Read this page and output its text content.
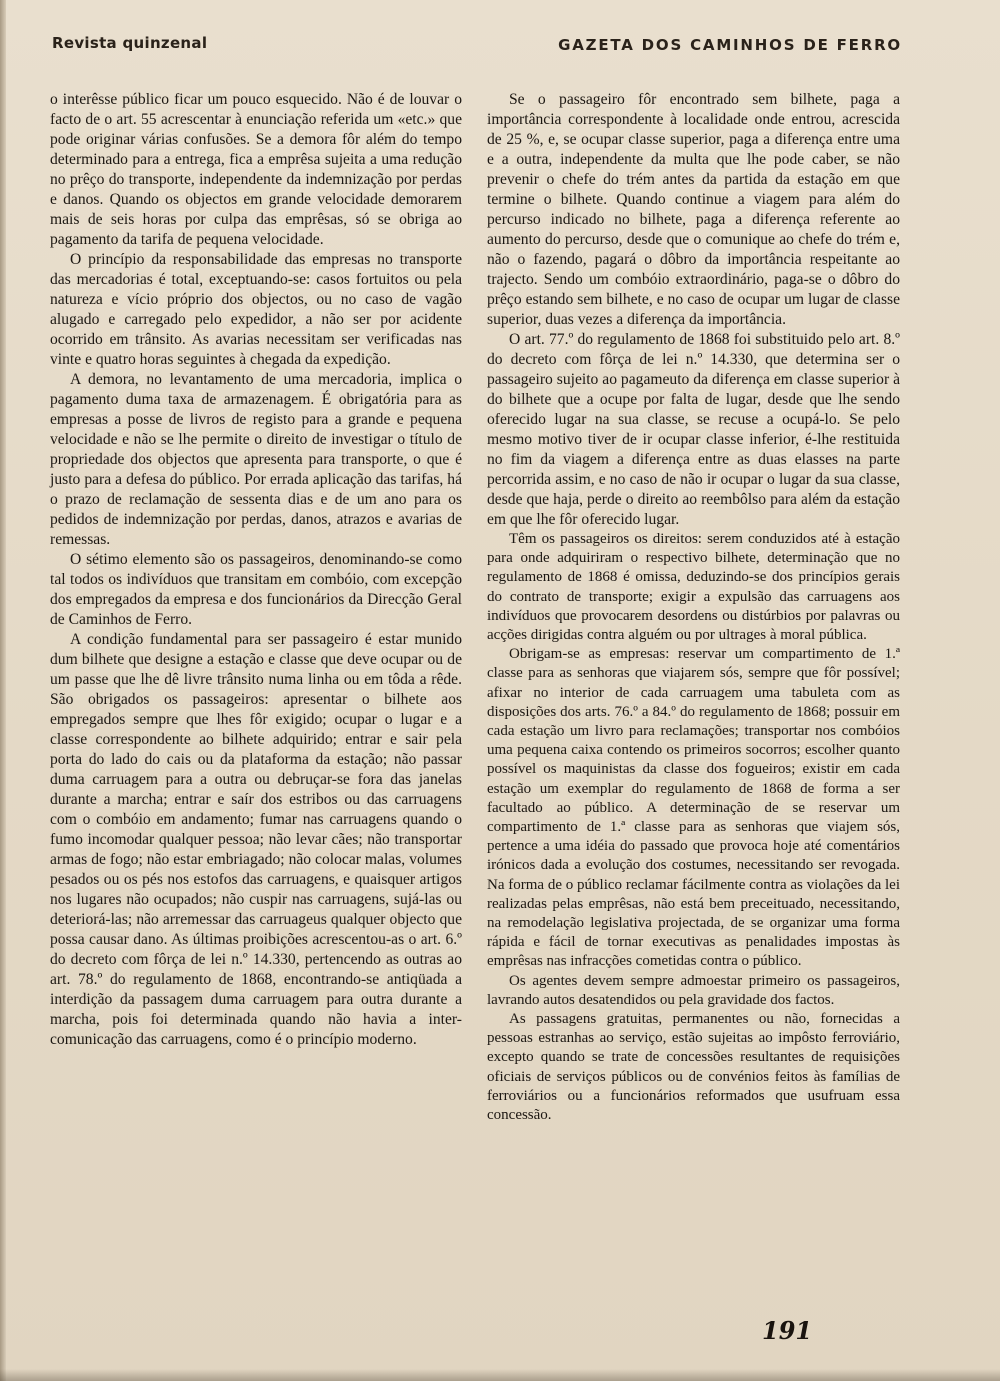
Revista quinzenal	GAZETA DOS CAMINHOS DE FERRO

o interêsse público ficar um pouco esquecido. Não é de louvar o facto de o art. 55 acrescentar à enunciação referida um «etc.» que pode originar várias confusões. Se a demora fôr além do tempo determinado para a entrega, fica a emprêsa sujeita a uma redução no prêço do transporte, independente da indemnização por perdas e danos. Quando os objectos em grande velocidade demorarem mais de seis horas por culpa das emprêsas, só se obriga ao pagamento da tarifa de pequena velocidade.

O princípio da responsabilidade das empresas no transporte das mercadorias é total, exceptuando-se: casos fortuitos ou pela natureza e vício próprio dos objectos, ou no caso de vagão alugado e carregado pelo expedidor, a não ser por acidente ocorrido em trânsito. As avarias necessitam ser verificadas nas vinte e quatro horas seguintes à chegada da expedição.

A demora, no levantamento de uma mercadoria, implica o pagamento duma taxa de armazenagem. É obrigatória para as empresas a posse de livros de registo para a grande e pequena velocidade e não se lhe permite o direito de investigar o título de propriedade dos objectos que apresenta para transporte, o que é justo para a defesa do público. Por errada aplicação das tarifas, há o prazo de reclamação de sessenta dias e de um ano para os pedidos de indemnização por perdas, danos, atrazos e avarias de remessas.

O sétimo elemento são os passageiros, denominando-se como tal todos os indivíduos que transitam em combóio, com excepção dos empregados da empresa e dos funcionários da Direcção Geral de Caminhos de Ferro.

A condição fundamental para ser passageiro é estar munido dum bilhete que designe a estação e classe que deve ocupar ou de um passe que lhe dê livre trânsito numa linha ou em tôda a rêde. São obrigados os passageiros: apresentar o bilhete aos empregados sempre que lhes fôr exigido; ocupar o lugar e a classe correspondente ao bilhete adquirido; entrar e sair pela porta do lado do cais ou da plataforma da estação; não passar duma carruagem para a outra ou debruçar-se fora das janelas durante a marcha; entrar e saír dos estribos ou das carruagens com o combóio em andamento; fumar nas carruagens quando o fumo incomodar qualquer pessoa; não levar cães; não transportar armas de fogo; não estar embriagado; não colocar malas, volumes pesados ou os pés nos estofos das carruagens, e quaisquer artigos nos lugares não ocupados; não cuspir nas carruagens, sujá-las ou deteriorá-las; não arremessar das carruageus qualquer objecto que possa causar dano. As últimas proibições acrescentou-as o art. 6.º do decreto com fôrça de lei n.º 14.330, pertencendo as outras ao art. 78.º do regulamento de 1868, encontrando-se antiqüada a interdição da passagem duma carruagem para outra durante a marcha, pois foi determinada quando não havia a inter-comunicação das carruagens, como é o princípio moderno.

Se o passageiro fôr encontrado sem bilhete, paga a importância correspondente à localidade onde entrou, acrescida de 25 %, e, se ocupar classe superior, paga a diferença entre uma e a outra, independente da multa que lhe pode caber, se não prevenir o chefe do trém antes da partida da estação em que termine o bilhete. Quando continue a viagem para além do percurso indicado no bilhete, paga a diferença referente ao aumento do percurso, desde que o comunique ao chefe do trém e, não o fazendo, pagará o dôbro da importância respeitante ao trajecto. Sendo um combóio extraordinário, paga-se o dôbro do prêço estando sem bilhete, e no caso de ocupar um lugar de classe superior, duas vezes a diferença da importância.

O art. 77.º do regulamento de 1868 foi substituido pelo art. 8.º do decreto com fôrça de lei n.º 14.330, que determina ser o passageiro sujeito ao pagameuto da diferença em classe superior à do bilhete que a ocupe por falta de lugar, desde que lhe sendo oferecido lugar na sua classe, se recuse a ocupá-lo. Se pelo mesmo motivo tiver de ir ocupar classe inferior, é-lhe restituida no fim da viagem a diferença entre as duas elasses na parte percorrida assim, e no caso de não ir ocupar o lugar da sua classe, desde que haja, perde o direito ao reembôlso para além da estação em que lhe fôr oferecido lugar.

Têm os passageiros os direitos: serem conduzidos até à estação para onde adquiriram o respectivo bilhete, determinação que no regulamento de 1868 é omissa, deduzindo-se dos princípios gerais do contrato de transporte; exigir a expulsão das carruagens aos indivíduos que provocarem desordens ou distúrbios por palavras ou acções dirigidas contra alguém ou por ultrages à moral pública.

Obrigam-se as empresas: reservar um compartimento de 1.ª classe para as senhoras que viajarem sós, sempre que fôr possível; afixar no interior de cada carruagem uma tabuleta com as disposições dos arts. 76.º a 84.º do regulamento de 1868; possuir em cada estação um livro para reclamações; transportar nos combóios uma pequena caixa contendo os primeiros socorros; escolher quanto possível os maquinistas da classe dos fogueiros; existir em cada estação um exemplar do regulamento de 1868 de forma a ser facultado ao público. A determinação de se reservar um compartimento de 1.ª classe para as senhoras que viajem sós, pertence a uma idéia do passado que provoca hoje até comentários irónicos dada a evolução dos costumes, necessitando ser revogada. Na forma de o público reclamar fácilmente contra as violações da lei realizadas pelas emprêsas, não está bem preceituado, necessitando, na remodelação legislativa projectada, de se organizar uma forma rápida e fácil de tornar executivas as penalidades impostas às emprêsas nas infracções cometidas contra o público.

Os agentes devem sempre admoestar primeiro os passageiros, lavrando autos desatendidos ou pela gravidade dos factos.

As passagens gratuitas, permanentes ou não, fornecidas a pessoas estranhas ao serviço, estão sujeitas ao impôsto ferroviário, excepto quando se trate de concessões resultantes de requisições oficiais de serviços públicos ou de convénios feitos às famílias de ferroviários ou a funcionários reformados que usufruam essa concessão.

191
